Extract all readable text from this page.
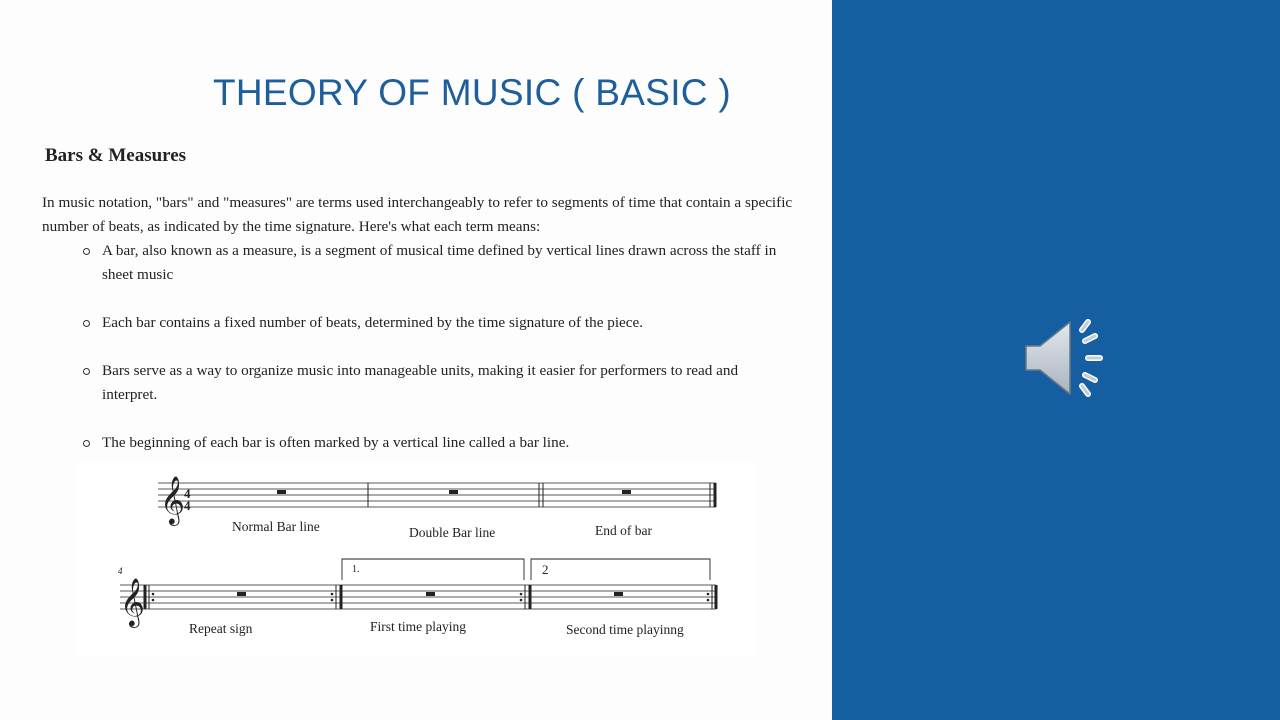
THEORY OF MUSIC ( BASIC )
Bars & Measures
In music notation, "bars" and "measures" are terms used interchangeably to refer to segments of time that contain a specific number of beats, as indicated by the time signature. Here's what each term means:
A bar, also known as a measure, is a segment of musical time defined by vertical lines drawn across the staff in sheet music
Each bar contains a fixed number of beats, determined by the time signature of the piece.
Bars serve as a way to organize music into manageable units, making it easier for performers to read and interpret.
The beginning of each bar is often marked by a vertical line called a bar line.
𝄞 4
4
Normal Bar line	Double Bar line	End of bar
4
𝄞
1.	2
Repeat sign	First time playing	Second time playinng
